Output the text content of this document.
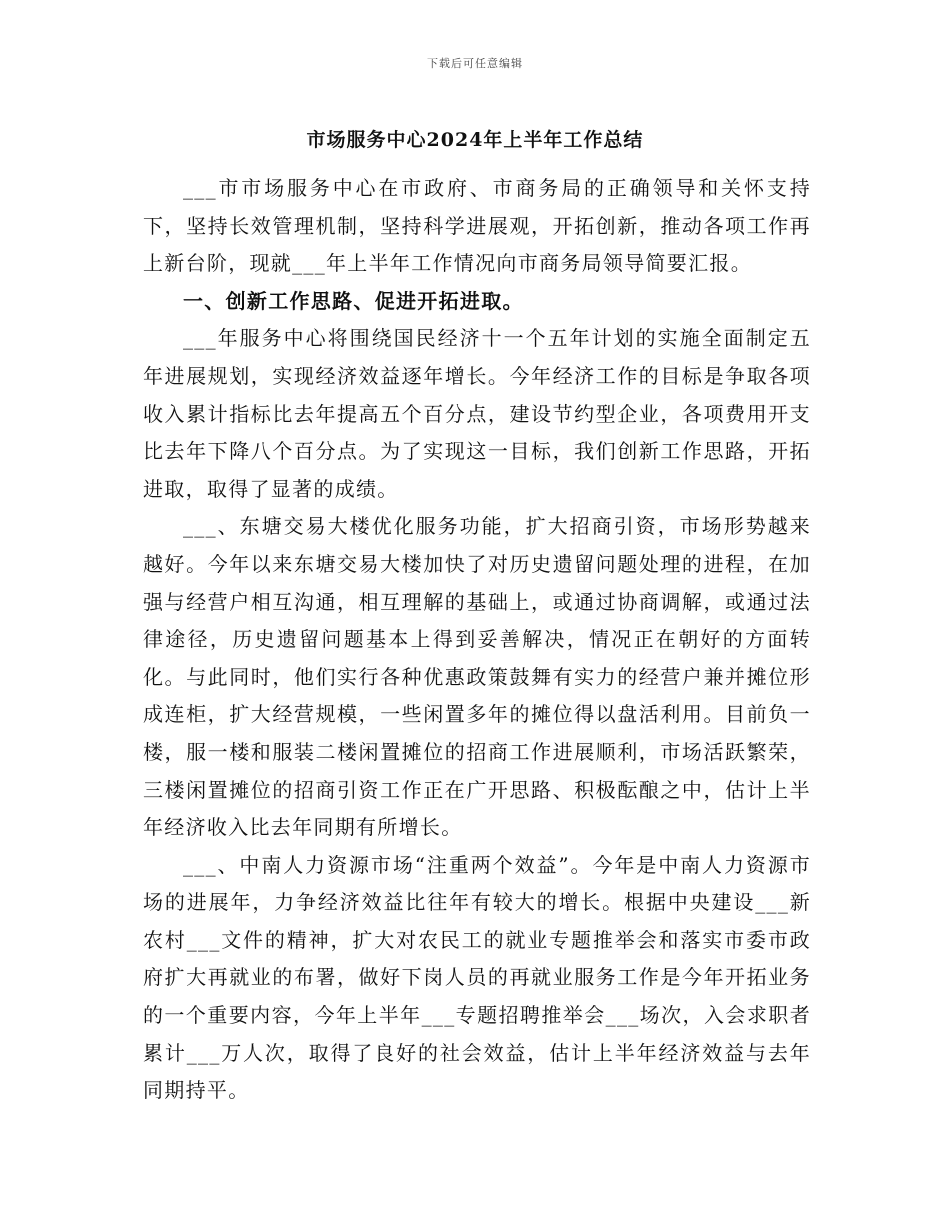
下载后可任意编辑
市场服务中心2024年上半年工作总结

___市市场服务中心在市政府、市商务局的正确领导和关怀支持下，坚持长效管理机制，坚持科学进展观，开拓创新，推动各项工作再上新台阶，现就___年上半年工作情况向市商务局领导简要汇报。

一、创新工作思路、促进开拓进取。

___年服务中心将围绕国民经济十一个五年计划的实施全面制定五年进展规划，实现经济效益逐年增长。今年经济工作的目标是争取各项收入累计指标比去年提高五个百分点，建设节约型企业，各项费用开支比去年下降八个百分点。为了实现这一目标，我们创新工作思路，开拓进取，取得了显著的成绩。

___、东塘交易大楼优化服务功能，扩大招商引资，市场形势越来越好。今年以来东塘交易大楼加快了对历史遗留问题处理的进程，在加强与经营户相互沟通，相互理解的基础上，或通过协商调解，或通过法律途径，历史遗留问题基本上得到妥善解决，情况正在朝好的方面转化。与此同时，他们实行各种优惠政策鼓舞有实力的经营户兼并摊位形成连柜，扩大经营规模，一些闲置多年的摊位得以盘活利用。目前负一楼，服一楼和服装二楼闲置摊位的招商工作进展顺利，市场活跃繁荣，三楼闲置摊位的招商引资工作正在广开思路、积极酝酿之中，估计上半年经济收入比去年同期有所增长。

___、中南人力资源市场“注重两个效益”。今年是中南人力资源市场的进展年，力争经济效益比往年有较大的增长。根据中央建设___新农村___文件的精神，扩大对农民工的就业专题推举会和落实市委市政府扩大再就业的布署，做好下岗人员的再就业服务工作是今年开拓业务的一个重要内容，今年上半年___专题招聘推举会___场次，入会求职者累计___万人次，取得了良好的社会效益，估计上半年经济效益与去年同期持平。
